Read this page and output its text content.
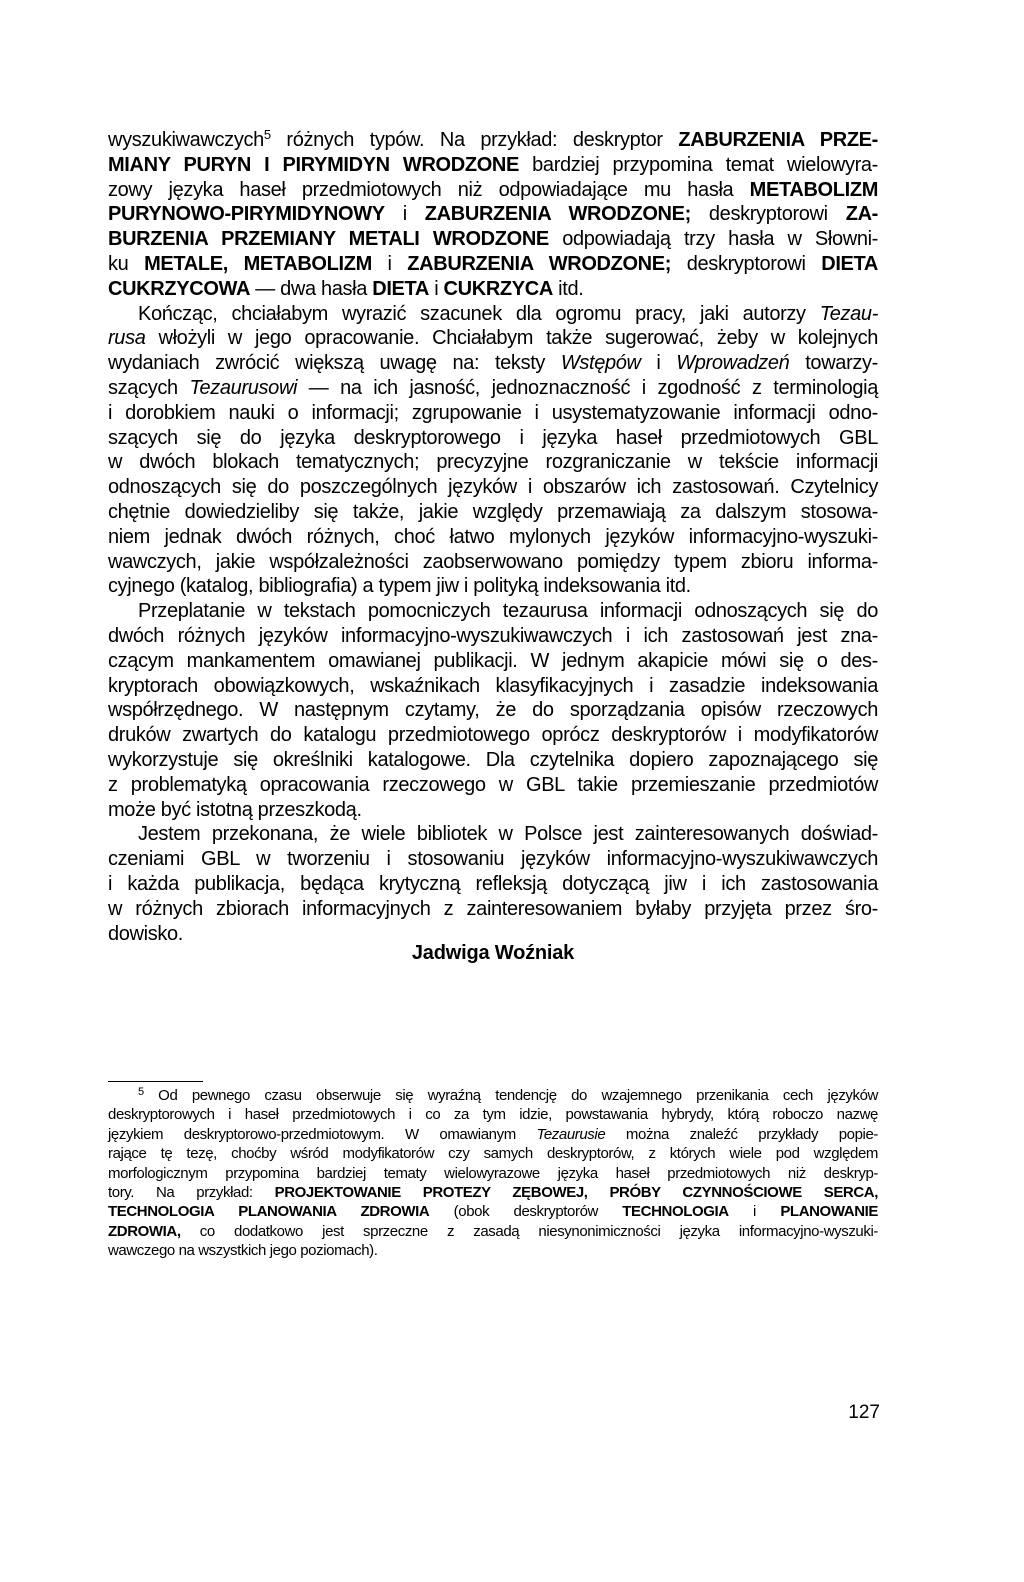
wyszukiwawczych$^5$ różnych typów. Na przykład: deskryptor ZABURZENIA PRZE-
MIANY PURYN I PIRYMIDYN WRODZONE bardziej przypomina temat wielowyra-
zowy języka haseł przedmiotowych niż odpowiadające mu hasła METABOLIZM
PURYNOWO-PIRYMIDYNOWY i ZABURZENIA WRODZONE; deskryptorowi ZA-
BURZENIA PRZEMIANY METALI WRODZONE odpowiadają trzy hasła w Słowni-
ku METALE, METABOLIZM i ZABURZENIA WRODZONE; deskryptorowi DIETA
CUKRZYCOWA — dwa hasła DIETA i CUKRZYCA itd.
Kończąc, chciałabym wyrazić szacunek dla ogromu pracy, jaki autorzy Tezau-
rusa włożyli w jego opracowanie. Chciałabym także sugerować, żeby w kolejnych
wydaniach zwrócić większą uwagę na: teksty Wstępów i Wprowadzeń towarzy-
szących Tezaurusowi — na ich jasność, jednoznaczność i zgodność z terminologią
i dorobkiem nauki o informacji; zgrupowanie i usystematyzowanie informacji odno-
szących się do języka deskryptorowego i języka haseł przedmiotowych GBL
w dwóch blokach tematycznych; precyzyjne rozgraniczanie w tekście informacji
odnoszących się do poszczególnych języków i obszarów ich zastosowań. Czytelnicy
chętnie dowiedzieliby się także, jakie względy przemawiają za dalszym stosowa-
niem jednak dwóch różnych, choć łatwo mylonych języków informacyjno-wyszuki-
wawczych, jakie współzależności zaobserwowano pomiędzy typem zbioru informa-
cyjnego (katalog, bibliografia) a typem jiw i polityką indeksowania itd.
Przeplatanie w tekstach pomocniczych tezaurusa informacji odnoszących się do
dwóch różnych języków informacyjno-wyszukiwawczych i ich zastosowań jest zna-
czącym mankamentem omawianej publikacji. W jednym akapicie mówi się o des-
kryptorach obowiązkowych, wskaźnikach klasyfikacyjnych i zasadzie indeksowania
współrzędnego. W następnym czytamy, że do sporządzania opisów rzeczowych
druków zwartych do katalogu przedmiotowego oprócz deskryptorów i modyfikatorów
wykorzystuje się określniki katalogowe. Dla czytelnika dopiero zapoznającego się
z problematyką opracowania rzeczowego w GBL takie przemieszanie przedmiotów
może być istotną przeszkodą.
Jestem przekonana, że wiele bibliotek w Polsce jest zainteresowanych doświad-
czeniami GBL w tworzeniu i stosowaniu języków informacyjno-wyszukiwawczych
i każda publikacja, będąca krytyczną refleksją dotyczącą jiw i ich zastosowania
w różnych zbiorach informacyjnych z zainteresowaniem byłaby przyjęta przez śro-
dowisko.
Jadwiga Woźniak
$^5$ Od pewnego czasu obserwuje się wyraźną tendencję do wzajemnego przenikania cech języków
deskryptorowych i haseł przedmiotowych i co za tym idzie, powstawania hybrydy, którą roboczo nazwę
językiem deskryptorowo-przedmiotowym. W omawianym Tezaurusie można znaleźć przykłady popie-
rające tę tezę, choćby wśród modyfikatorów czy samych deskryptorów, z których wiele pod względem
morfologicznym przypomina bardziej tematy wielowyrazowe języka haseł przedmiotowych niż deskryp-
tory. Na przykład: PROJEKTOWANIE PROTEZY ZĘBOWEJ, PRÓBY CZYNNOŚCIOWE SERCA,
TECHNOLOGIA PLANOWANIA ZDROWIA (obok deskryptorów TECHNOLOGIA i PLANOWANIE
ZDROWIA, co dodatkowo jest sprzeczne z zasadą niesynonimiczności języka informacyjno-wyszuki-
wawczego na wszystkich jego poziomach).
127
